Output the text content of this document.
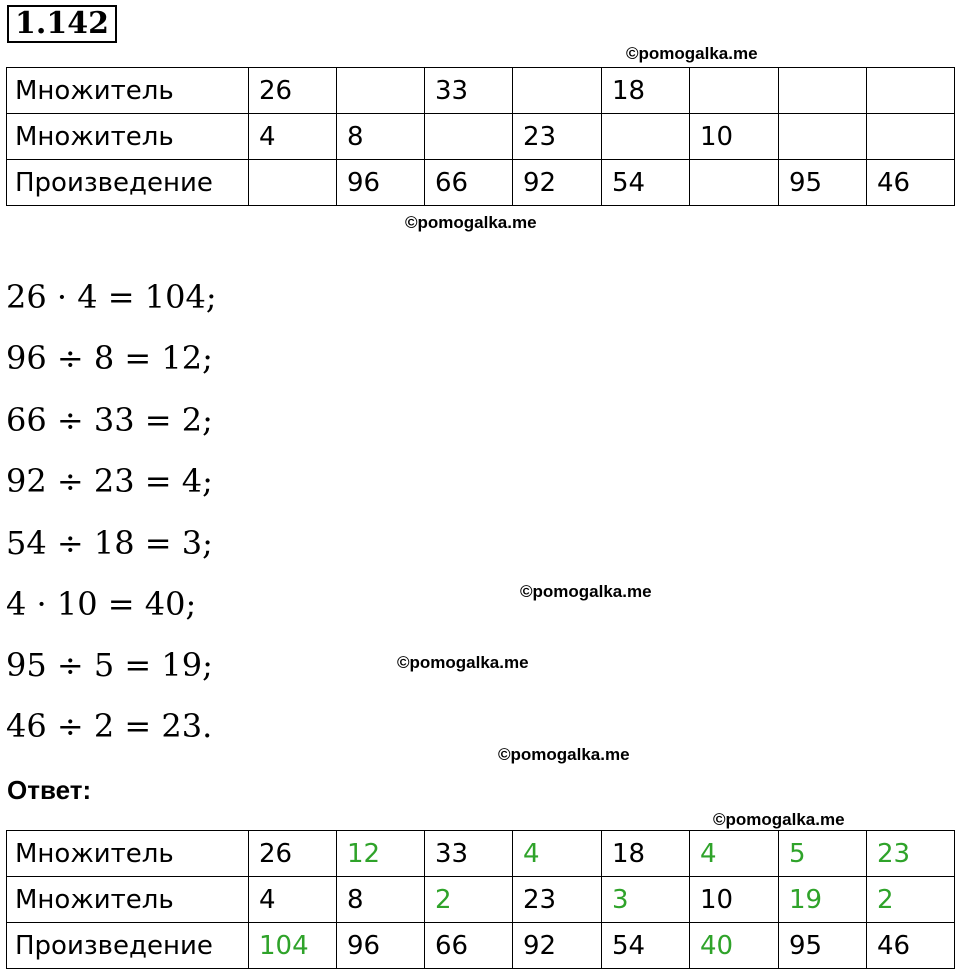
1.142
©pomogalka.me
Множитель	26		33		18			
Множитель	4	8		23		10		
Произведение		96	66	92	54		95	46
©pomogalka.me
26 · 4 = 104;
96 ÷ 8 = 12;
66 ÷ 33 = 2;
92 ÷ 23 = 4;
54 ÷ 18 = 3;
4 · 10 = 40;
95 ÷ 5 = 19;
46 ÷ 2 = 23.
©pomogalka.me
©pomogalka.me
©pomogalka.me
Ответ:
©pomogalka.me
Множитель	26	12	33	4	18	4	5	23
Множитель	4	8	2	23	3	10	19	2
Произведение	104	96	66	92	54	40	95	46
